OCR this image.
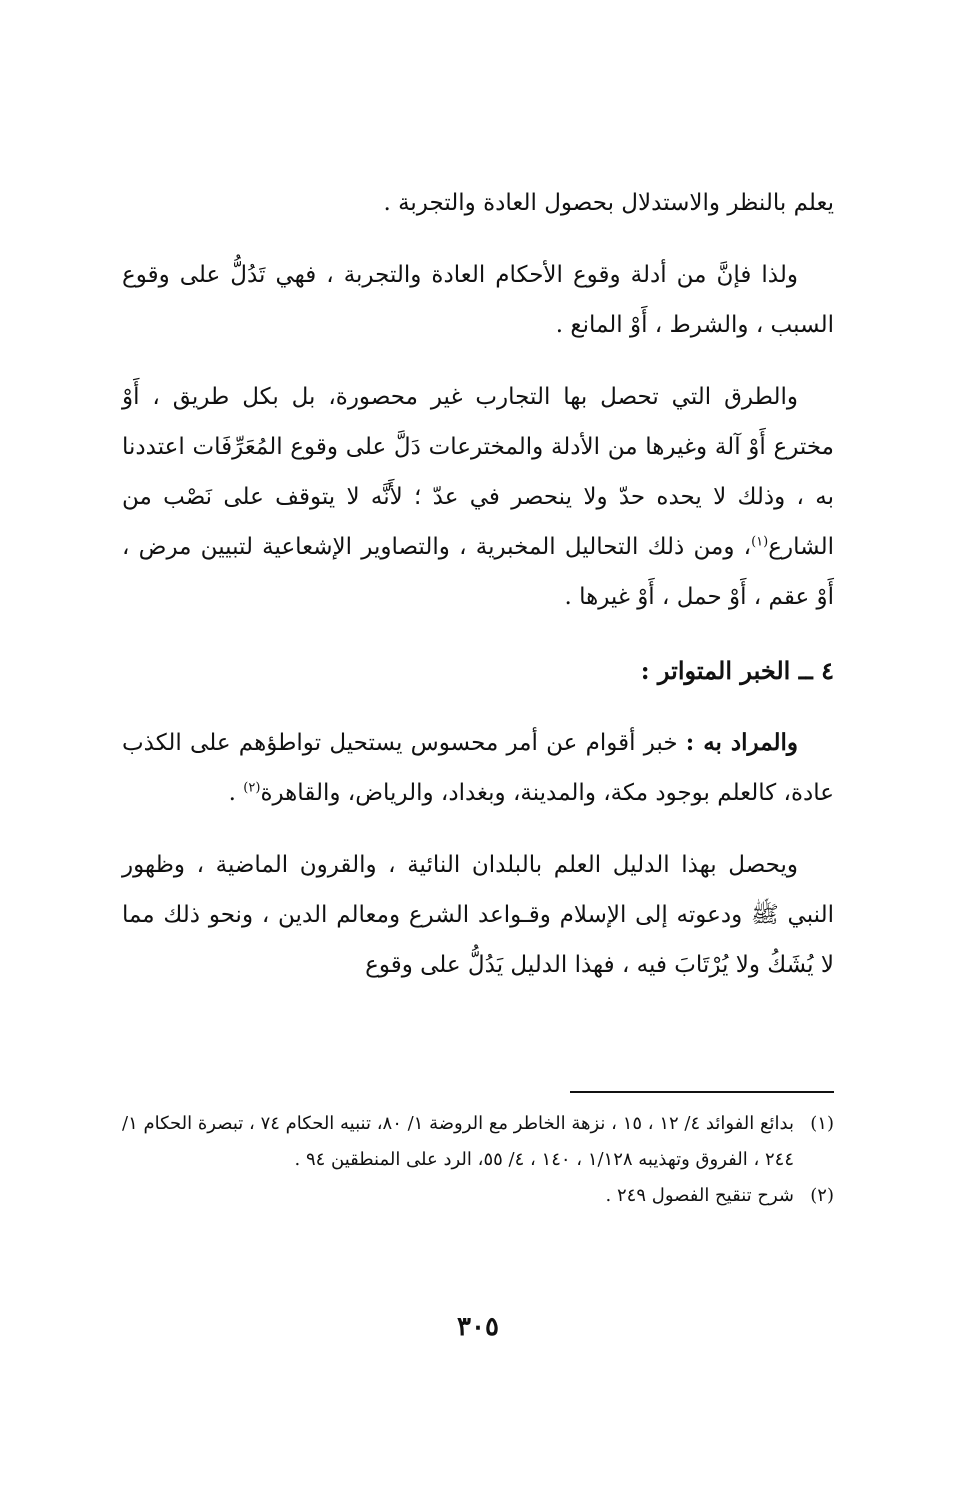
يعلم بالنظر والاستدلال بحصول العادة والتجربة .

ولذا فإنَّ من أدلة وقوع الأحكام العادة والتجربة ، فهي تَدُلُّ على وقوع السبب ، والشرط ، أَوْ المانع .

والطرق التي تحصل بها التجارب غير محصورة، بل بكل طريق ، أَوْ مخترع أَوْ آلة وغيرها من الأدلة والمخترعات دَلَّ على وقوع المُعَرِّفَات اعتددنا به ، وذلك لا يحده حدّ ولا ينحصر في عدّ ؛ لأَنَّه لا يتوقف على نَصْب من الشارع$^{(١)}$، ومن ذلك التحاليل المخبرية ، والتصاوير الإشعاعية لتبيين مرض ، أَوْ عقم ، أَوْ حمل ، أَوْ غيرها .

٤ ــ الخبر المتواتر :

والمراد به : خبر أقوام عن أمر محسوس يستحيل تواطؤهم على الكذب عادة، كالعلم بوجود مكة، والمدينة، وبغداد، والرياض، والقاهرة$^{(٢)}$ .

ويحصل بهذا الدليل العلم بالبلدان النائية ، والقرون الماضية ، وظهور النبي ﷺ ودعوته إلى الإسلام وقـواعد الشرع ومعالم الدين ، ونحو ذلك مما لا يُشَكُ ولا يُرْتَابَ فيه ، فهذا الدليل يَدُلُّ على وقوع

(١)
بدائع الفوائد ٤/ ١٢ ، ١٥ ، نزهة الخاطر مع الروضة ١/ ٨٠، تنبيه الحكام ٧٤ ، تبصرة الحكام ١/ ٢٤٤ ، الفروق وتهذيبه ١/١٢٨ ، ١٤٠ ، ٤/ ٥٥، الرد على المنطقين ٩٤ .
(٢)
شرح تنقيح الفصول ٢٤٩ .
٣٠٥
